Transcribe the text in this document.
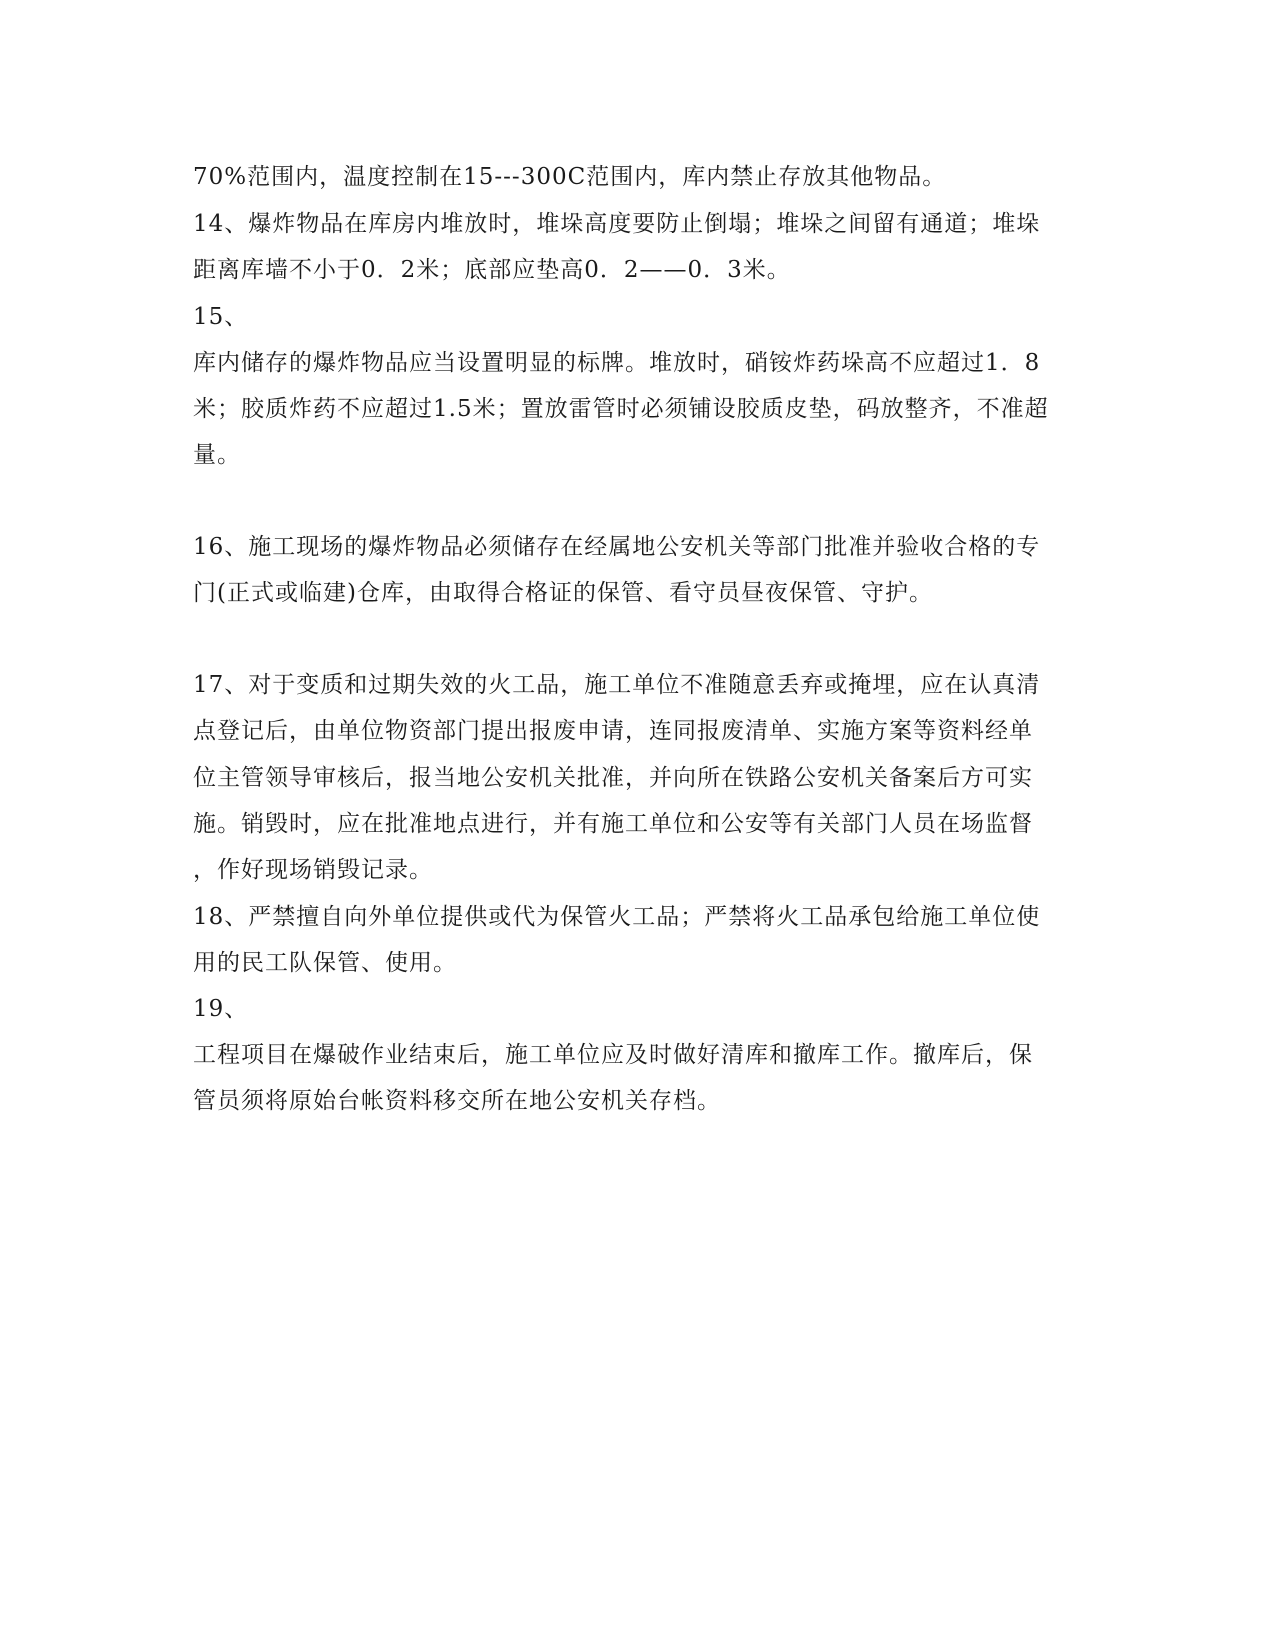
70%范围内，温度控制在15---300C范围内，库内禁止存放其他物品。
14、爆炸物品在库房内堆放时，堆垛高度要防止倒塌；堆垛之间留有通道；堆垛
距离库墙不小于0．2米；底部应垫高0．2——0．3米。
15、
库内储存的爆炸物品应当设置明显的标牌。堆放时，硝铵炸药垛高不应超过1．8
米；胶质炸药不应超过1.5米；置放雷管时必须铺设胶质皮垫，码放整齐，不准超
量。
16、施工现场的爆炸物品必须储存在经属地公安机关等部门批准并验收合格的专
门(正式或临建)仓库，由取得合格证的保管、看守员昼夜保管、守护。
17、对于变质和过期失效的火工品，施工单位不准随意丢弃或掩埋，应在认真清
点登记后，由单位物资部门提出报废申请，连同报废清单、实施方案等资料经单
位主管领导审核后，报当地公安机关批准，并向所在铁路公安机关备案后方可实
施。销毁时，应在批准地点进行，并有施工单位和公安等有关部门人员在场监督
，作好现场销毁记录。
18、严禁擅自向外单位提供或代为保管火工品；严禁将火工品承包给施工单位使
用的民工队保管、使用。
19、
工程项目在爆破作业结束后，施工单位应及时做好清库和撤库工作。撤库后，保
管员须将原始台帐资料移交所在地公安机关存档。
